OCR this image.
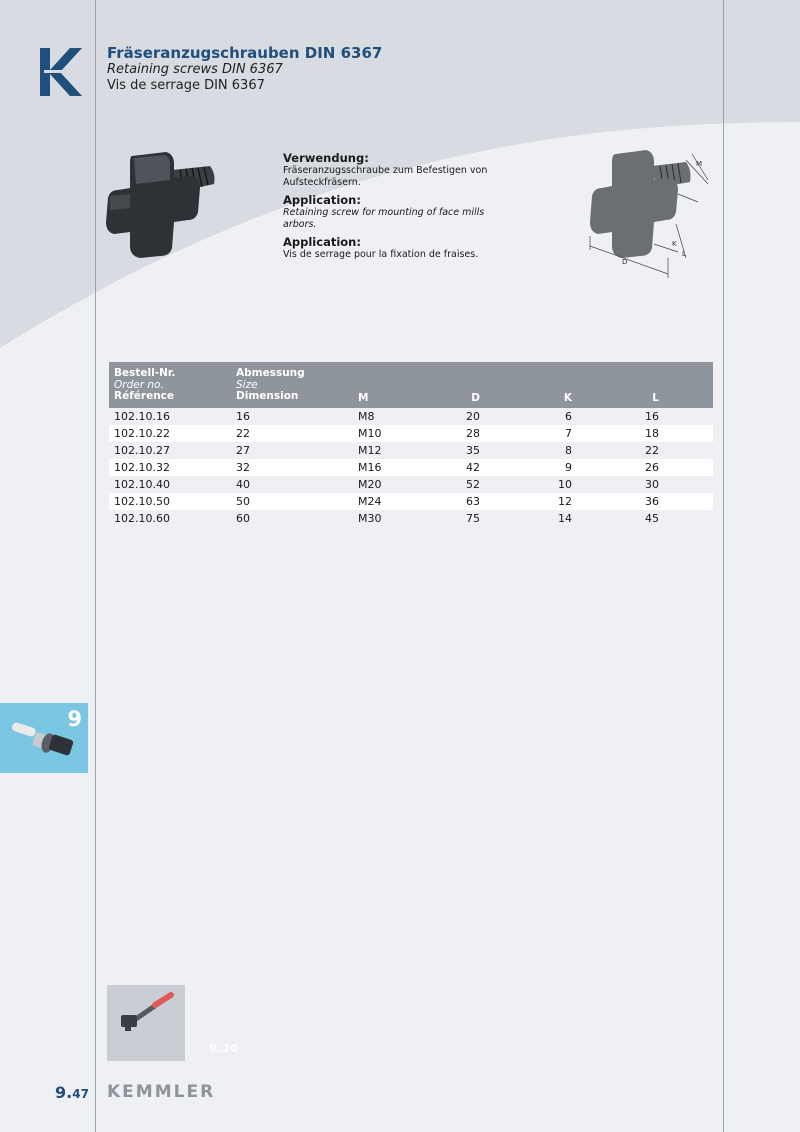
Fräseranzugschrauben DIN 6367
Retaining screws DIN 6367
Vis de serrage DIN 6367
Verwendung:
Fräseranzugsschraube zum Befestigen von Aufsteckfräsern.
Application:
Retaining screw for mounting of face mills arbors.
Application:
Vis de serrage pour la fixation de fraises.
D
K
L
M
Bestell-Nr.
Order no.
Référence
Abmessung
Size
Dimension	M	D	K	L
102.10.16	16	M8	20	6	16
102.10.22	22	M10	28	7	18
102.10.27	27	M12	35	8	22
102.10.32	32	M16	42	9	26
102.10.40	40	M20	52	10	30
102.10.50	50	M24	63	12	36
102.10.60	60	M30	75	14	45
9
9.20
9.47 KEMMLER
